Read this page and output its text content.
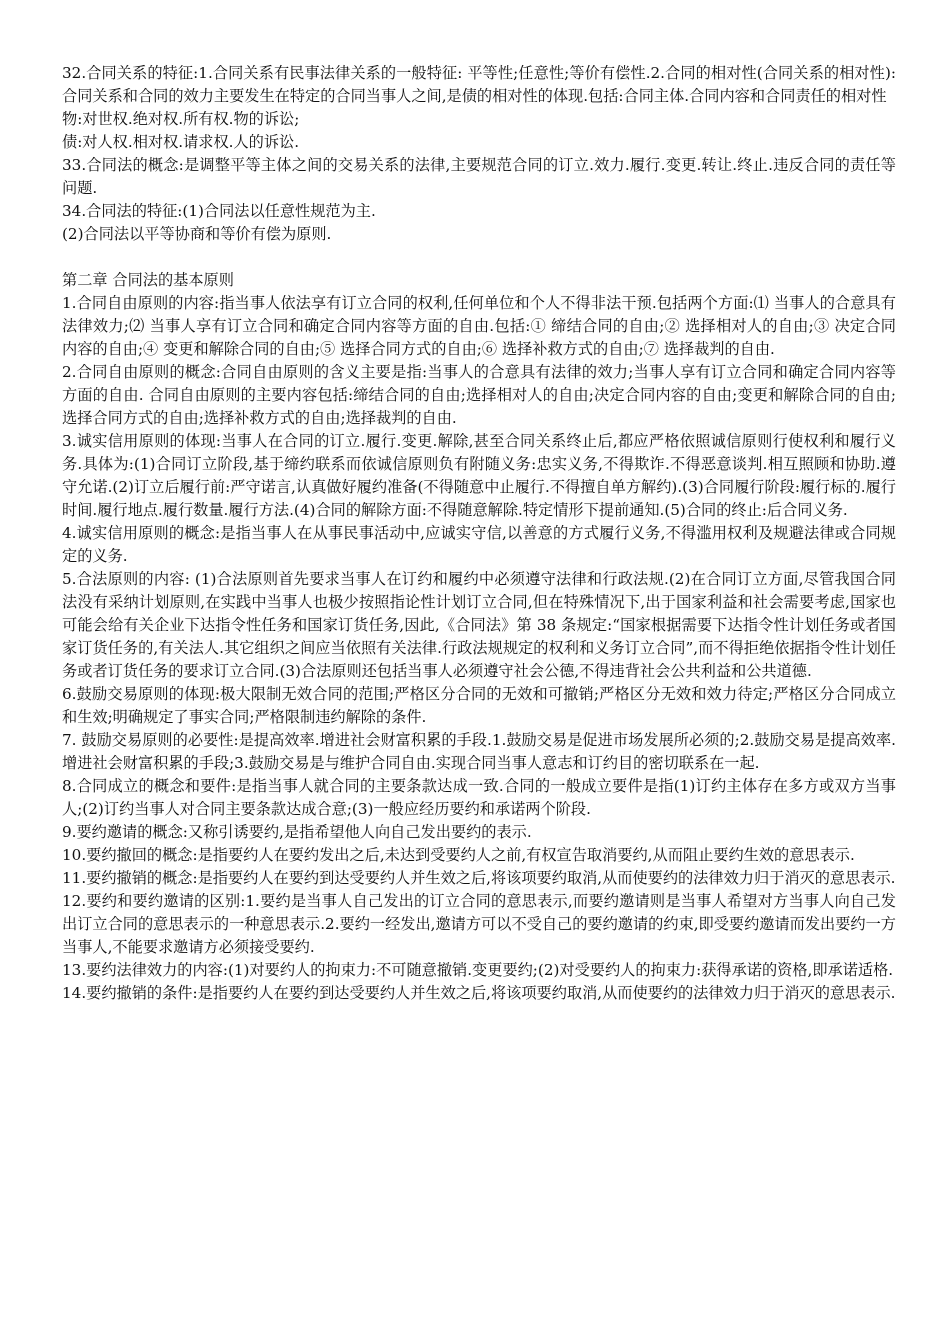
32.合同关系的特征:1.合同关系有民事法律关系的一般特征: 平等性;任意性;等价有偿性.2.合同的相对性(合同关系的相对性):合同关系和合同的效力主要发生在特定的合同当事人之间,是债的相对性的体现.包括:合同主体.合同内容和合同责任的相对性

物:对世权.绝对权.所有权.物的诉讼;

债:对人权.相对权.请求权.人的诉讼.

33.合同法的概念:是调整平等主体之间的交易关系的法律,主要规范合同的订立.效力.履行.变更.转让.终止.违反合同的责任等问题.

34.合同法的特征:(1)合同法以任意性规范为主.

(2)合同法以平等协商和等价有偿为原则.

第二章 合同法的基本原则

1.合同自由原则的内容:指当事人依法享有订立合同的权利,任何单位和个人不得非法干预.包括两个方面:⑴ 当事人的合意具有法律效力;⑵ 当事人享有订立合同和确定合同内容等方面的自由.包括:① 缔结合同的自由;② 选择相对人的自由;③ 决定合同内容的自由;④ 变更和解除合同的自由;⑤ 选择合同方式的自由;⑥ 选择补救方式的自由;⑦ 选择裁判的自由.

2.合同自由原则的概念:合同自由原则的含义主要是指:当事人的合意具有法律的效力;当事人享有订立合同和确定合同内容等方面的自由. 合同自由原则的主要内容包括:缔结合同的自由;选择相对人的自由;决定合同内容的自由;变更和解除合同的自由;选择合同方式的自由;选择补救方式的自由;选择裁判的自由.

3.诚实信用原则的体现:当事人在合同的订立.履行.变更.解除,甚至合同关系终止后,都应严格依照诚信原则行使权利和履行义务.具体为:(1)合同订立阶段,基于缔约联系而依诚信原则负有附随义务:忠实义务,不得欺诈.不得恶意谈判.相互照顾和协助.遵守允诺.(2)订立后履行前:严守诺言,认真做好履约准备(不得随意中止履行.不得擅自单方解约).(3)合同履行阶段:履行标的.履行时间.履行地点.履行数量.履行方法.(4)合同的解除方面:不得随意解除.特定情形下提前通知.(5)合同的终止:后合同义务.

4.诚实信用原则的概念:是指当事人在从事民事活动中,应诚实守信,以善意的方式履行义务,不得滥用权利及规避法律或合同规定的义务.

5.合法原则的内容: (1)合法原则首先要求当事人在订约和履约中必须遵守法律和行政法规.(2)在合同订立方面,尽管我国合同法没有采纳计划原则,在实践中当事人也极少按照指论性计划订立合同,但在特殊情况下,出于国家利益和社会需要考虑,国家也可能会给有关企业下达指令性任务和国家订货任务,因此,《合同法》第 38 条规定:“国家根据需要下达指令性计划任务或者国家订货任务的,有关法人.其它组织之间应当依照有关法律.行政法规规定的权利和义务订立合同”,而不得拒绝依据指令性计划任务或者订货任务的要求订立合同.(3)合法原则还包括当事人必须遵守社会公德,不得违背社会公共利益和公共道德.

6.鼓励交易原则的体现:极大限制无效合同的范围;严格区分合同的无效和可撤销;严格区分无效和效力待定;严格区分合同成立和生效;明确规定了事实合同;严格限制违约解除的条件.

7. 鼓励交易原则的必要性:是提高效率.增进社会财富积累的手段.1.鼓励交易是促进市场发展所必须的;2.鼓励交易是提高效率.增进社会财富积累的手段;3.鼓励交易是与维护合同自由.实现合同当事人意志和订约目的密切联系在一起.

8.合同成立的概念和要件:是指当事人就合同的主要条款达成一致.合同的一般成立要件是指(1)订约主体存在多方或双方当事人;(2)订约当事人对合同主要条款达成合意;(3)一般应经历要约和承诺两个阶段.

9.要约邀请的概念:又称引诱要约,是指希望他人向自己发出要约的表示.

10.要约撤回的概念:是指要约人在要约发出之后,未达到受要约人之前,有权宣告取消要约,从而阻止要约生效的意思表示.

11.要约撤销的概念:是指要约人在要约到达受要约人并生效之后,将该项要约取消,从而使要约的法律效力归于消灭的意思表示.

12.要约和要约邀请的区别:1.要约是当事人自己发出的订立合同的意思表示,而要约邀请则是当事人希望对方当事人向自己发出订立合同的意思表示的一种意思表示.2.要约一经发出,邀请方可以不受自己的要约邀请的约束,即受要约邀请而发出要约一方当事人,不能要求邀请方必须接受要约.

13.要约法律效力的内容:(1)对要约人的拘束力:不可随意撤销.变更要约;(2)对受要约人的拘束力:获得承诺的资格,即承诺适格.

14.要约撤销的条件:是指要约人在要约到达受要约人并生效之后,将该项要约取消,从而使要约的法律效力归于消灭的意思表示.
